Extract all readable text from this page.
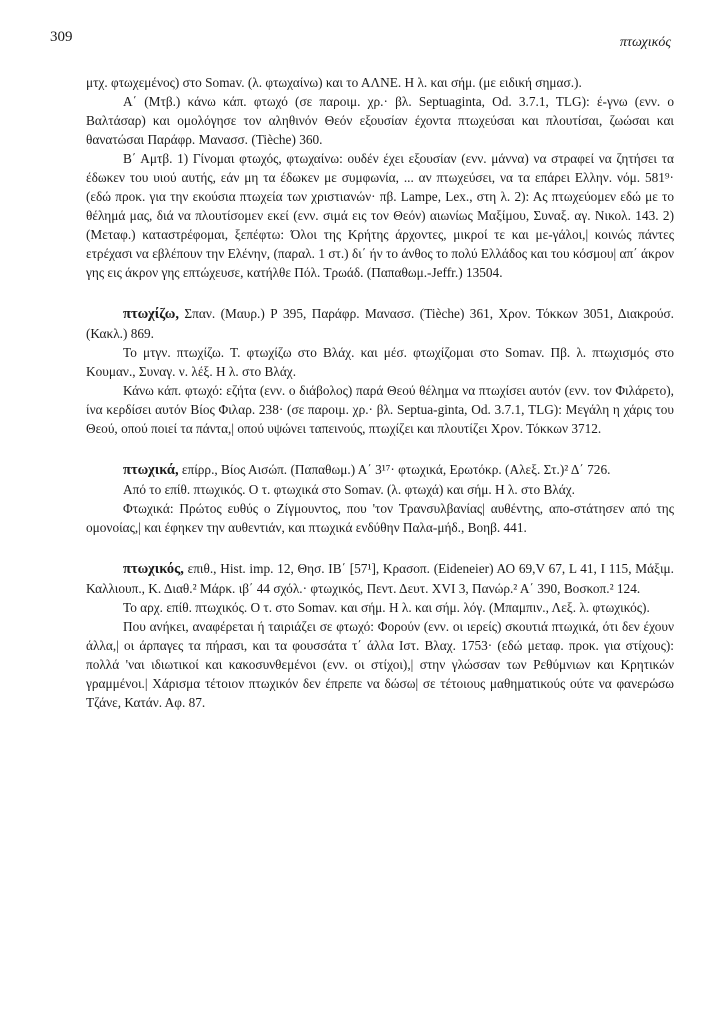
309	πτωχικός

μτχ. φτωχεμένος) στο Somav. (λ. φτωχαίνω) και το ΑΛΝΕ. Η λ. και σήμ. (με ειδική σημασ.).

Α΄ (Μτβ.) κάνω κάπ. φτωχό (σε παροιμ. χρ.· βλ. Septuaginta, Od. 3.7.1, TLG): έ-γνω (ενν. ο Βαλτάσαρ) και ομολόγησε τον αληθινόν Θεόν εξουσίαν έχοντα πτωχεύσαι και πλουτίσαι, ζωώσαι και θανατώσαι Παράφρ. Μανασσ. (Tièche) 360.

Β΄ Αμτβ. 1) Γίνομαι φτωχός, φτωχαίνω: ουδέν έχει εξουσίαν (ενν. μάννα) να στραφεί να ζητήσει τα έδωκεν του υιού αυτής, εάν μη τα έδωκεν με συμφωνία, ... αν πτωχεύσει, να τα επάρει Ελλην. νόμ. 581⁹· (εδώ προκ. για την εκούσια πτωχεία των χριστιανών· πβ. Lampe, Lex., στη λ. 2): Ας πτωχεύομεν εδώ με το θέλημά μας, διά να πλουτίσομεν εκεί (ενν. σιμά εις τον Θεόν) αιωνίως Μαξίμου, Συναξ. αγ. Νικολ. 143. 2) (Μεταφ.) καταστρέφομαι, ξεπέφτω: Όλοι της Κρήτης άρχοντες, μικροί τε και με-γάλοι,| κοινώς πάντες ετρέχασι να εβλέπουν την Ελένην, (παραλ. 1 στ.) δι΄ ήν το άνθος το πολύ Ελλάδος και του κόσμου| απ΄ άκρον γης εις άκρον γης επτώχευσε, κατήλθε Πόλ. Τρωάδ. (Παπαθωμ.-Jeffr.) 13504.

πτωχίζω, Σπαν. (Μαυρ.) Ρ 395, Παράφρ. Μανασσ. (Tièche) 361, Χρον. Τόκκων 3051, Διακρούσ. (Κακλ.) 869.

Το μτγν. πτωχίζω. Τ. φτωχίζω στο Βλάχ. και μέσ. φτωχίζομαι στο Somav. Πβ. λ. πτωχισμός στο Κουμαν., Συναγ. ν. λέξ. Η λ. στο Βλάχ.

Κάνω κάπ. φτωχό: εζήτα (ενν. ο διάβολος) παρά Θεού θέλημα να πτωχίσει αυτόν (ενν. τον Φιλάρετο), ίνα κερδίσει αυτόν Βίος Φιλαρ. 238· (σε παροιμ. χρ.· βλ. Septua-ginta, Od. 3.7.1, TLG): Μεγάλη η χάρις του Θεού, οπού ποιεί τα πάντα,| οπού υψώνει ταπεινούς, πτωχίζει και πλουτίζει Χρον. Τόκκων 3712.

πτωχικά, επίρρ., Βίος Αισώπ. (Παπαθωμ.) Α΄ 3¹⁷· φτωχικά, Ερωτόκρ. (Αλεξ. Στ.)² Δ΄ 726.

Από το επίθ. πτωχικός. Ο τ. φτωχικά στο Somav. (λ. φτωχά) και σήμ. Η λ. στο Βλάχ.

Φτωχικά: Πρώτος ευθύς ο Ζίγμουντος, που 'τον Τρανσυλβανίας| αυθέντης, απο-στάτησεν από της ομονοίας,| και έφηκεν την αυθεντιάν, και πτωχικά ενδύθην Παλα-μήδ., Βοηβ. 441.

πτωχικός, επιθ., Hist. imp. 12, Θησ. ΙΒ΄ [57¹], Κρασοπ. (Eideneier) ΑΟ 69,V 67, L 41, I 115, Μάξιμ. Καλλιουπ., Κ. Διαθ.² Μάρκ. ιβ΄ 44 σχόλ.· φτωχικός, Πεντ. Δευτ. XVI 3, Πανώρ.² Α΄ 390, Βοσκοπ.² 124.

Το αρχ. επίθ. πτωχικός. Ο τ. στο Somav. και σήμ. Η λ. και σήμ. λόγ. (Μπαμπιν., Λεξ. λ. φτωχικός).

Που ανήκει, αναφέρεται ή ταιριάζει σε φτωχό: Φορούν (ενν. οι ιερείς) σκουτιά πτωχικά, ότι δεν έχουν άλλα,| οι άρπαγες τα πήρασι, και τα φουσσάτα τ΄ άλλα Ιστ. Βλαχ. 1753· (εδώ μεταφ. προκ. για στίχους): πολλά 'ναι ιδιωτικοί και κακοσυνθεμένοι (ενν. οι στίχοι),| στην γλώσσαν των Ρεθύμνιων και Κρητικών γραμμένοι.| Χάρισμα τέτοιον πτωχικόν δεν έπρεπε να δώσω| σε τέτοιους μαθηματικούς ούτε να φανερώσω Τζάνε, Κατάν. Αφ. 87.
